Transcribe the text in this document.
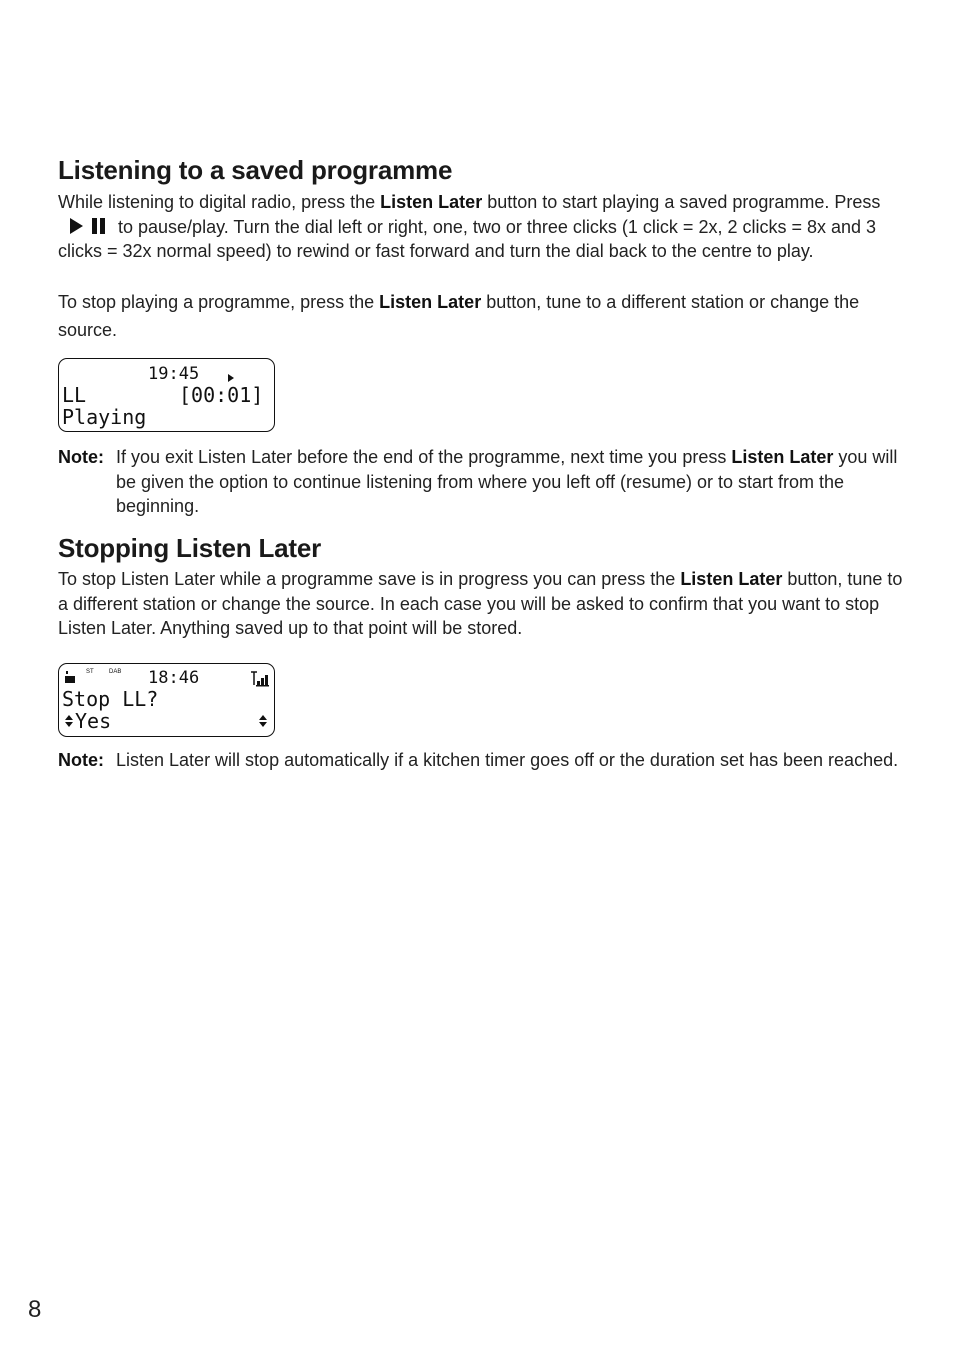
Listening to a saved programme

While listening to digital radio, press the Listen Later button to start playing a saved programme. Pressto pause/play. Turn the dial left or right, one, two or three clicks (1 click = 2x, 2 clicks = 8x and 3 clicks = 32x normal speed) to rewind or fast forward and turn the dial back to the centre to play.

To stop playing a programme, press the Listen Later button, tune to a different station or change the source.

19:45
LL	[00:01]
Playing
Note: If you exit Listen Later before the end of the programme, next time you press Listen Later you will be given the option to continue listening from where you left off (resume) or to start from the beginning.
Stopping Listen Later

To stop Listen Later while a programme save is in progress you can press the Listen Later button, tune to a different station or change the source. In each case you will be asked to confirm that you want to stop Listen Later. Anything saved up to that point will be stored.

ST	DAB 18:46
Stop LL?
Yes
Note: Listen Later will stop automatically if a kitchen timer goes off or the duration set has been reached.
8
